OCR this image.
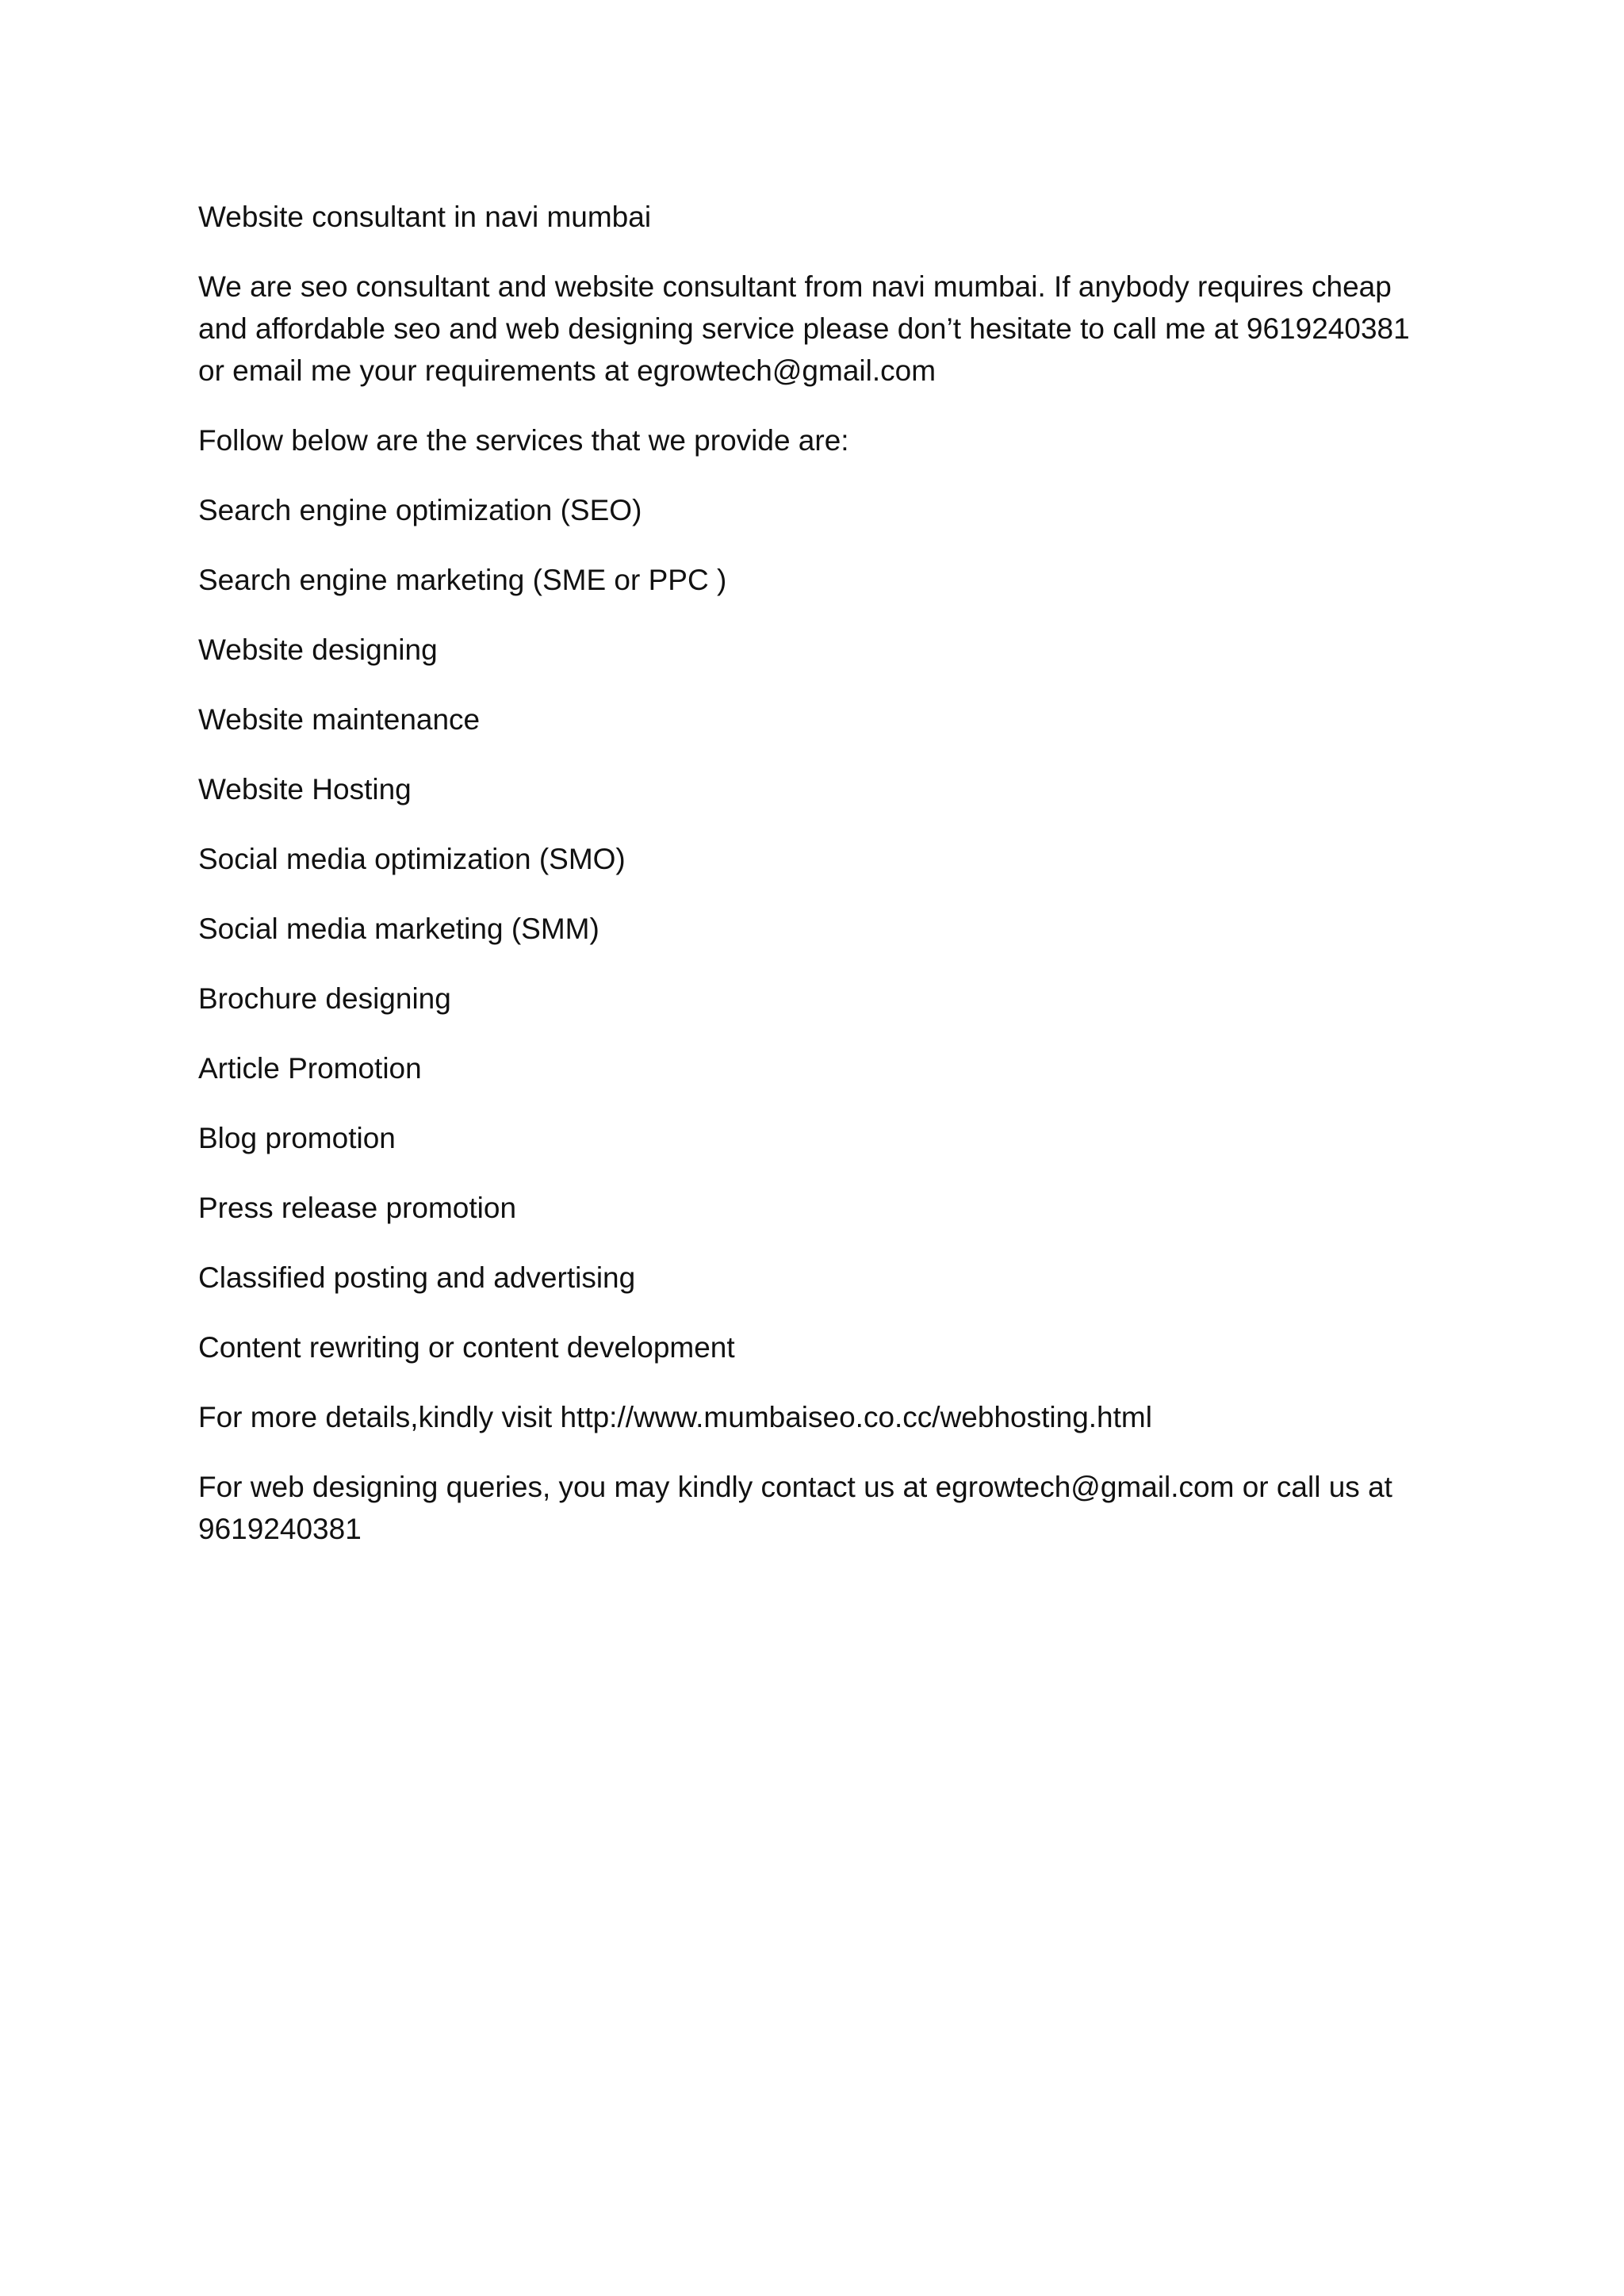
Website consultant in navi mumbai

We are seo consultant and website consultant from navi mumbai. If anybody requires cheap and affordable seo and web designing service please don’t hesitate to call me at 9619240381 or email me your requirements at egrowtech@gmail.com

Follow below are the services that we provide are:

Search engine optimization (SEO)
Search engine marketing (SME or PPC )
Website designing
Website maintenance
Website Hosting
Social media optimization (SMO)
Social media marketing (SMM)
Brochure designing
Article Promotion
Blog promotion
Press release promotion
Classified posting and advertising
Content rewriting or content development

For more details,kindly visit http://www.mumbaiseo.co.cc/webhosting.html

For web designing queries, you may kindly contact us at egrowtech@gmail.com or call us at 9619240381
